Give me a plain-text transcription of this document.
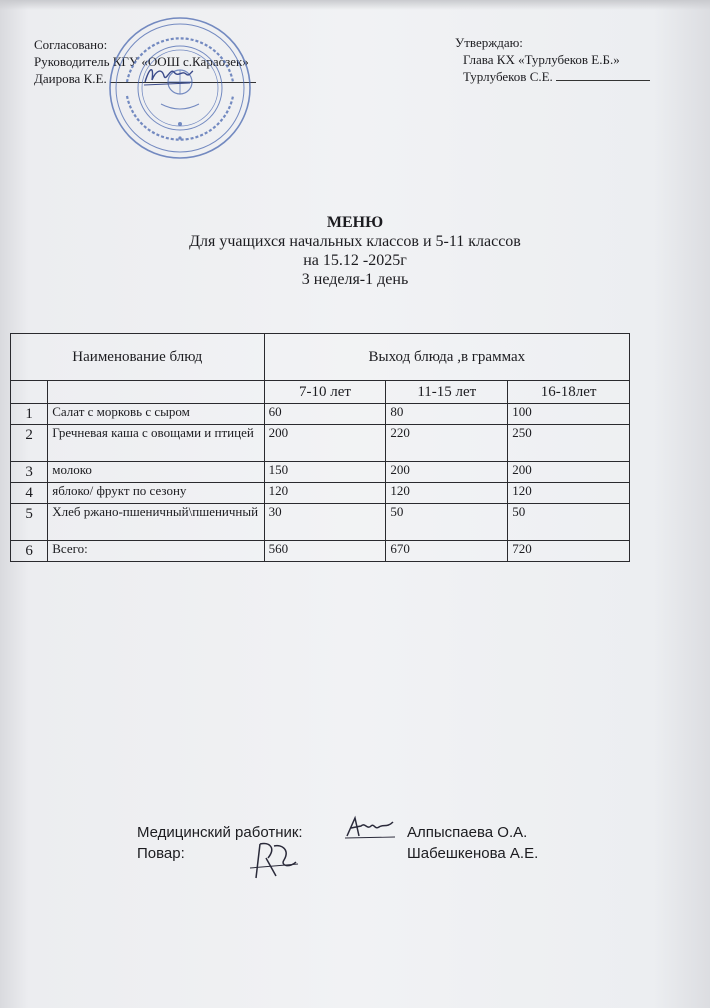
Согласовано:
Руководитель КГУ «ООШ с.Караозек»
Даирова К.Е.
Утверждаю:
Глава КХ «Турлубеков Е.Б.»
Турлубеков С.Е.
МЕНЮ
Для учащихся начальных классов и 5-11 классов
на 15.12 -2025г
3 неделя-1 день
Наименование блюд		Выход блюда ,в граммах		
		7-10 лет	11-15 лет	16-18лет
1	Салат с морковь с сыром	60	80	100
2	Гречневая каша с овощами и птицей	200	220	250
3	молоко	150	200	200
4	яблоко/ фрукт по сезону	120	120	120
5	Хлеб ржано-пшеничный\пшеничный	30	50	50
6	Всего:	560	670	720
Медицинский работник:	Алпыспаева О.А.
Повар:	Шабешкенова А.Е.
